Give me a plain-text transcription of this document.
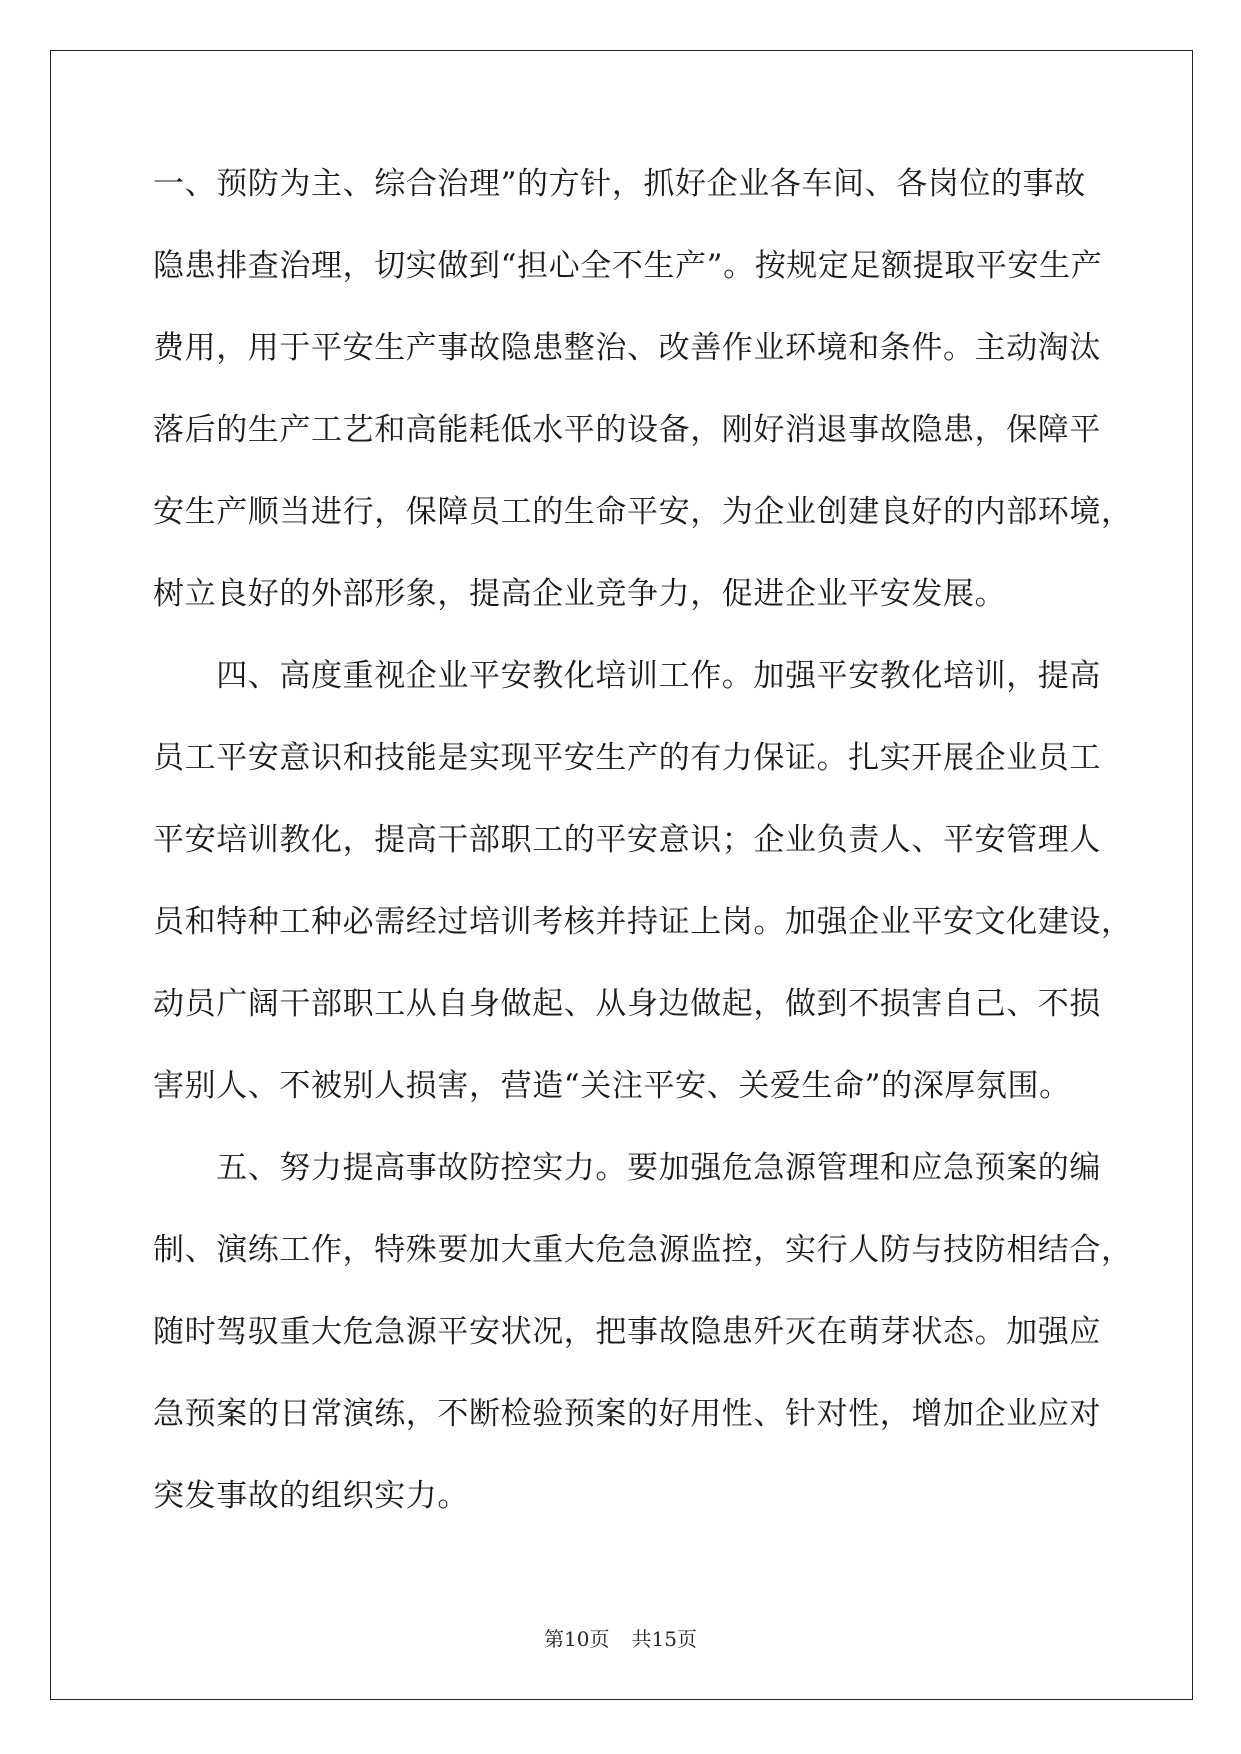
一、预防为主、综合治理”的方针，抓好企业各车间、各岗位的事故
隐患排查治理，切实做到“担心全不生产”。按规定足额提取平安生产
费用，用于平安生产事故隐患整治、改善作业环境和条件。主动淘汰
落后的生产工艺和高能耗低水平的设备，刚好消退事故隐患，保障平
安生产顺当进行，保障员工的生命平安，为企业创建良好的内部环境，
树立良好的外部形象，提高企业竞争力，促进企业平安发展。
　　四、高度重视企业平安教化培训工作。加强平安教化培训，提高
员工平安意识和技能是实现平安生产的有力保证。扎实开展企业员工
平安培训教化，提高干部职工的平安意识；企业负责人、平安管理人
员和特种工种必需经过培训考核并持证上岗。加强企业平安文化建设，
动员广阔干部职工从自身做起、从身边做起，做到不损害自己、不损
害别人、不被别人损害，营造“关注平安、关爱生命”的深厚氛围。
　　五、努力提高事故防控实力。要加强危急源管理和应急预案的编
制、演练工作，特殊要加大重大危急源监控，实行人防与技防相结合，
随时驾驭重大危急源平安状况，把事故隐患歼灭在萌芽状态。加强应
急预案的日常演练，不断检验预案的好用性、针对性，增加企业应对
突发事故的组织实力。
第10页 共15页
